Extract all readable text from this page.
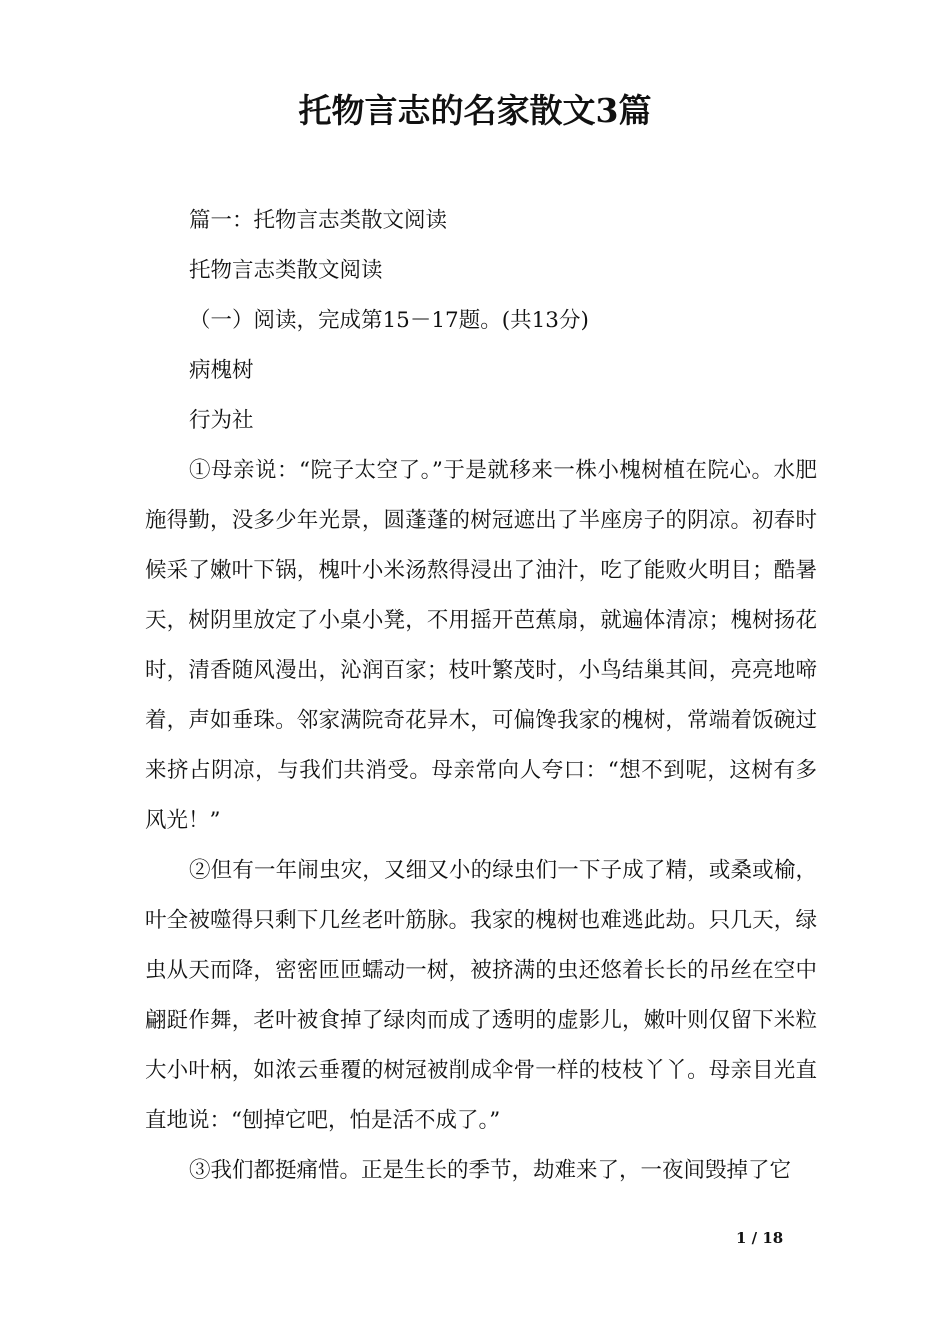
托物言志的名家散文3篇

篇一：托物言志类散文阅读

托物言志类散文阅读

（一）阅读，完成第15－17题。(共13分)

病槐树

行为社

①母亲说：“院子太空了。”于是就移来一株小槐树植在院心。水肥施得勤，没多少年光景，圆蓬蓬的树冠遮出了半座房子的阴凉。初春时候采了嫩叶下锅，槐叶小米汤熬得浸出了油汁，吃了能败火明目；酷暑天，树阴里放定了小桌小凳，不用摇开芭蕉扇，就遍体清凉；槐树扬花时，清香随风漫出，沁润百家；枝叶繁茂时，小鸟结巢其间，亮亮地啼着，声如垂珠。邻家满院奇花异木，可偏馋我家的槐树，常端着饭碗过来挤占阴凉，与我们共消受。母亲常向人夸口：“想不到呢，这树有多风光！”

②但有一年闹虫灾，又细又小的绿虫们一下子成了精，或桑或榆，叶全被噬得只剩下几丝老叶筋脉。我家的槐树也难逃此劫。只几天，绿虫从天而降，密密匝匝蠕动一树，被挤满的虫还悠着长长的吊丝在空中翩跹作舞，老叶被食掉了绿肉而成了透明的虚影儿，嫩叶则仅留下米粒大小叶柄，如浓云垂覆的树冠被削成伞骨一样的枝枝丫丫。母亲目光直直地说：“刨掉它吧，怕是活不成了。”

③我们都挺痛惜。正是生长的季节，劫难来了，一夜间毁掉了它

1 / 18
